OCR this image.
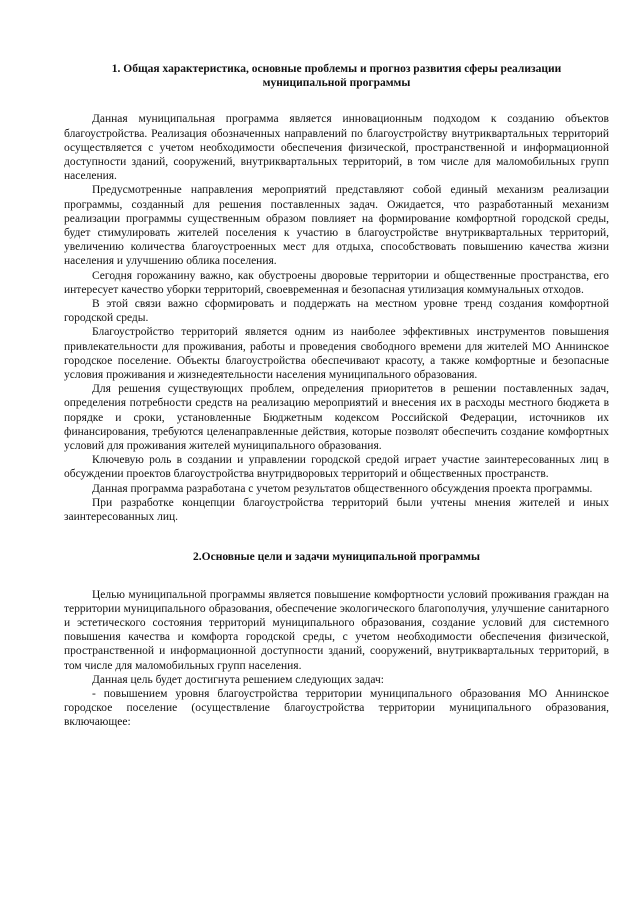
1. Общая характеристика, основные проблемы и прогноз развития сферы реализации муниципальной программы

Данная муниципальная программа является инновационным подходом к созданию объектов благоустройства. Реализация обозначенных направлений по благоустройству внутриквартальных территорий осуществляется с учетом необходимости обеспечения физической, пространственной и информационной доступности зданий, сооружений, внутриквартальных территорий, в том числе для маломобильных групп населения.

Предусмотренные направления мероприятий представляют собой единый механизм реализации программы, созданный для решения поставленных задач. Ожидается, что разработанный механизм реализации программы существенным образом повлияет на формирование комфортной городской среды, будет стимулировать жителей поселения к участию в благоустройстве внутриквартальных территорий, увеличению количества благоустроенных мест для отдыха, способствовать повышению качества жизни населения и улучшению облика поселения.

Сегодня горожанину важно, как обустроены дворовые территории и общественные пространства, его интересует качество уборки территорий, своевременная и безопасная утилизация коммунальных отходов.

В этой связи важно сформировать и поддержать на местном уровне тренд создания комфортной городской среды.

Благоустройство территорий является одним из наиболее эффективных инструментов повышения привлекательности для проживания, работы и проведения свободного времени для жителей МО Аннинское городское поселение. Объекты благоустройства обеспечивают красоту, а также комфортные и безопасные условия проживания и жизнедеятельности населения муниципального образования.

Для решения существующих проблем, определения приоритетов в решении поставленных задач, определения потребности средств на реализацию мероприятий и внесения их в расходы местного бюджета в порядке и сроки, установленные Бюджетным кодексом Российской Федерации, источников их финансирования, требуются целенаправленные действия, которые позволят обеспечить создание комфортных условий для проживания жителей муниципального образования.

Ключевую роль в создании и управлении городской средой играет участие заинтересованных лиц в обсуждении проектов благоустройства внутридворовых территорий и общественных пространств.

Данная программа разработана с учетом результатов общественного обсуждения проекта программы.

При разработке концепции благоустройства территорий были учтены мнения жителей и иных заинтересованных лиц.

2.Основные цели и задачи муниципальной программы

Целью муниципальной программы является повышение комфортности условий проживания граждан на территории муниципального образования, обеспечение экологического благополучия, улучшение санитарного и эстетического состояния территорий муниципального образования, создание условий для системного повышения качества и комфорта городской среды, с учетом необходимости обеспечения физической, пространственной и информационной доступности зданий, сооружений, внутриквартальных территорий, в том числе для маломобильных групп населения.

Данная цель будет достигнута решением следующих задач:

- повышением уровня благоустройства территории муниципального образования МО Аннинское городское поселение (осуществление благоустройства территории муниципального образования, включающее:
